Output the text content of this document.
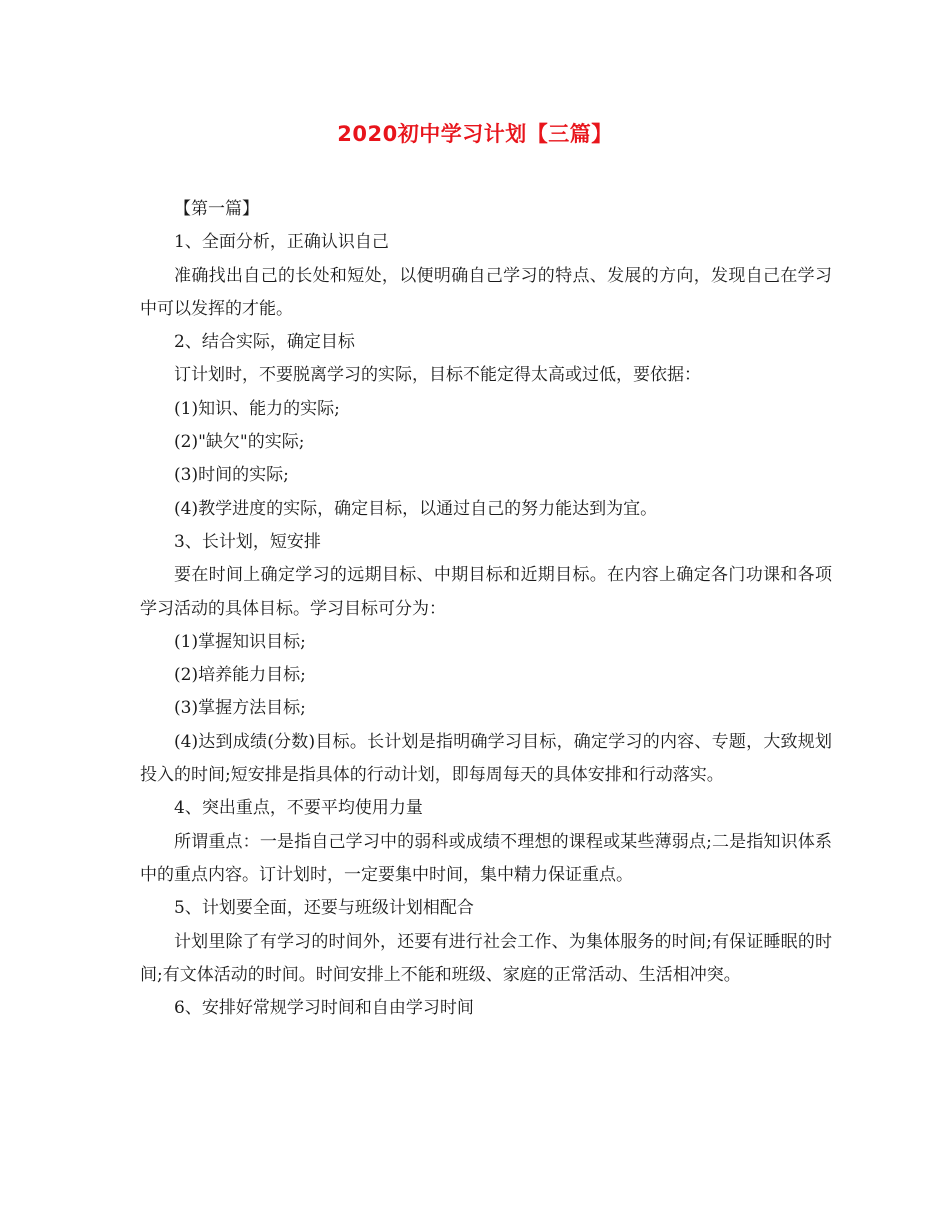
2020初中学习计划【三篇】

【第一篇】

1、全面分析，正确认识自己

准确找出自己的长处和短处，以便明确自己学习的特点、发展的方向，发现自己在学习中可以发挥的才能。

2、结合实际，确定目标

订计划时，不要脱离学习的实际，目标不能定得太高或过低，要依据：

(1)知识、能力的实际;

(2)"缺欠"的实际;

(3)时间的实际;

(4)教学进度的实际，确定目标，以通过自己的努力能达到为宜。

3、长计划，短安排

要在时间上确定学习的远期目标、中期目标和近期目标。在内容上确定各门功课和各项学习活动的具体目标。学习目标可分为：

(1)掌握知识目标;

(2)培养能力目标;

(3)掌握方法目标;

(4)达到成绩(分数)目标。长计划是指明确学习目标，确定学习的内容、专题，大致规划投入的时间;短安排是指具体的行动计划，即每周每天的具体安排和行动落实。

4、突出重点，不要平均使用力量

所谓重点：一是指自己学习中的弱科或成绩不理想的课程或某些薄弱点;二是指知识体系中的重点内容。订计划时，一定要集中时间，集中精力保证重点。

5、计划要全面，还要与班级计划相配合

计划里除了有学习的时间外，还要有进行社会工作、为集体服务的时间;有保证睡眠的时间;有文体活动的时间。时间安排上不能和班级、家庭的正常活动、生活相冲突。

6、安排好常规学习时间和自由学习时间
